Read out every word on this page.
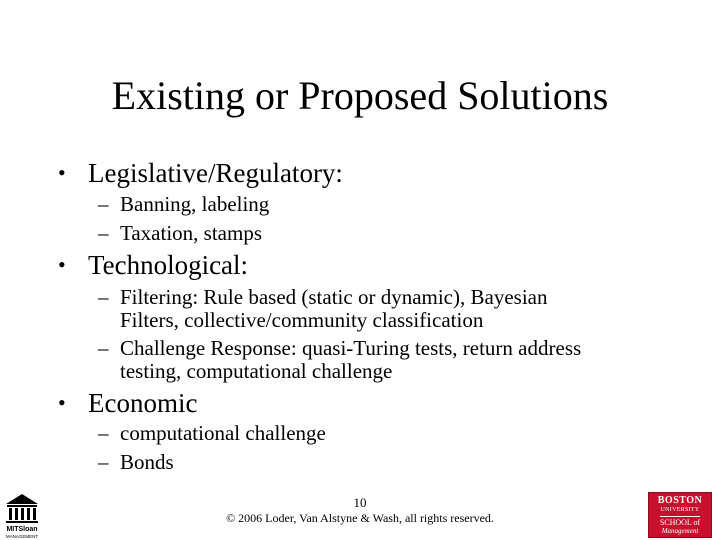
Existing or Proposed Solutions
• Legislative/Regulatory:
– Banning, labeling
– Taxation, stamps
• Technological:
– Filtering: Rule based (static or dynamic), Bayesian
Filters, collective/community classification
– Challenge Response: quasi-Turing tests, return address
testing, computational challenge
• Economic
– computational challenge
– Bonds
10
© 2006 Loder, Van Alstyne & Wash, all rights reserved.
MITSloan
MANAGEMENT
BOSTON
UNIVERSITY
SCHOOL of
Management
